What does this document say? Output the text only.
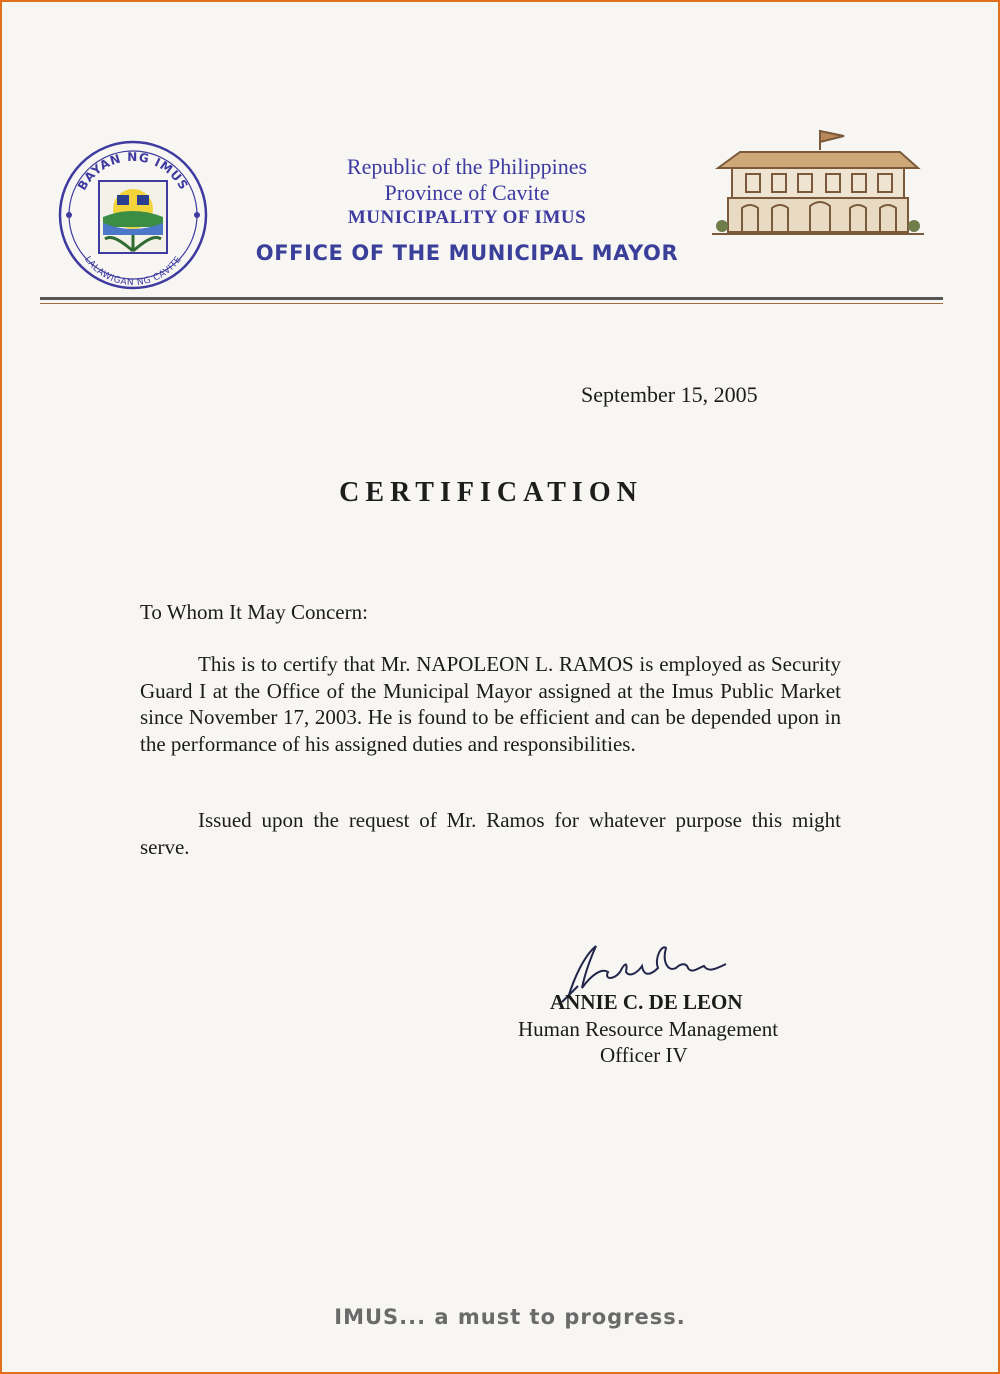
BAYAN NG IMUS
LALAWIGAN NG CAVITE
Republic of the Philippines
Province of Cavite
MUNICIPALITY OF IMUS
OFFICE OF THE MUNICIPAL MAYOR
September 15, 2005
CERTIFICATION
To Whom It May Concern:
This is to certify that Mr. NAPOLEON L. RAMOS is employed as Security Guard I at the Office of the Municipal Mayor assigned at the Imus Public Market since November 17, 2003. He is found to be efficient and can be depended upon in the performance of his assigned duties and responsibilities.
Issued upon the request of Mr. Ramos for whatever purpose this might serve.
ANNIE C. DE LEON
Human Resource Management
Officer IV
IMUS... a must to progress.
